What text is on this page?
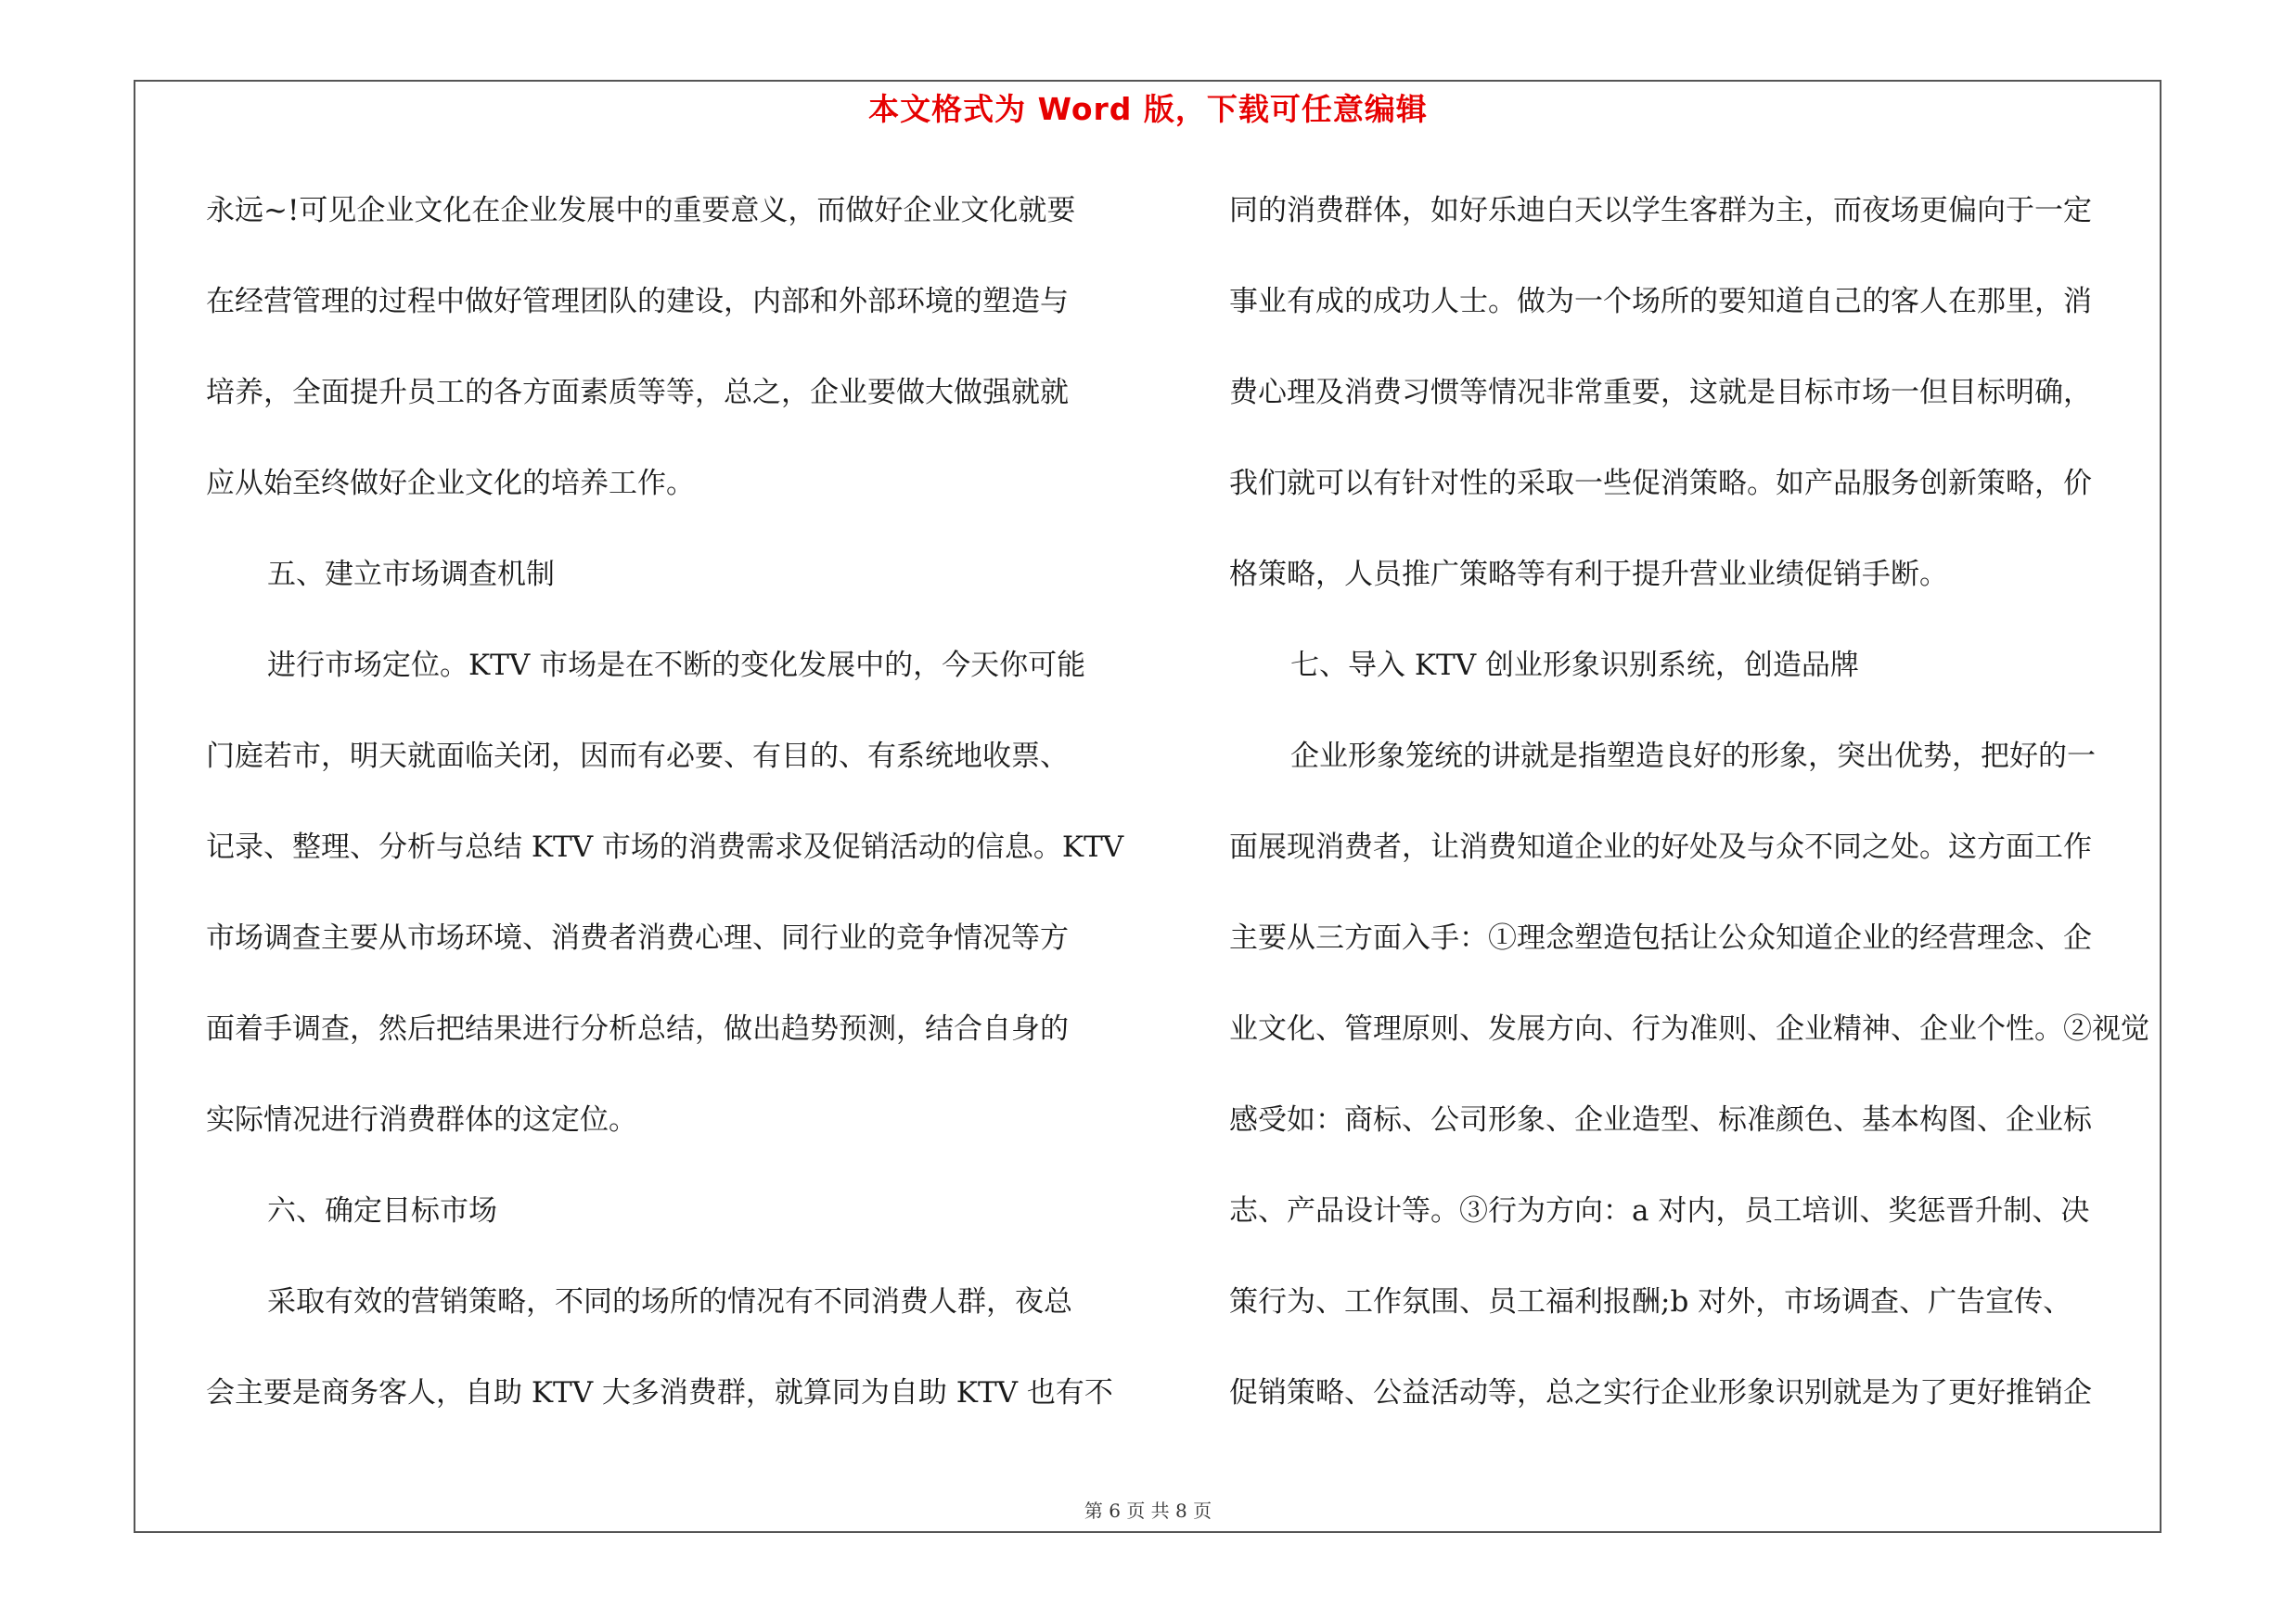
本文格式为 Word 版，下载可任意编辑
永远~!可见企业文化在企业发展中的重要意义，而做好企业文化就要
在经营管理的过程中做好管理团队的建设，内部和外部环境的塑造与
培养，全面提升员工的各方面素质等等，总之，企业要做大做强就就
应从始至终做好企业文化的培养工作。
五、建立市场调查机制
进行市场定位。KTV 市场是在不断的变化发展中的，今天你可能
门庭若市，明天就面临关闭，因而有必要、有目的、有系统地收票、
记录、整理、分析与总结 KTV 市场的消费需求及促销活动的信息。KTV
市场调查主要从市场环境、消费者消费心理、同行业的竞争情况等方
面着手调查，然后把结果进行分析总结，做出趋势预测，结合自身的
实际情况进行消费群体的这定位。
六、确定目标市场
采取有效的营销策略，不同的场所的情况有不同消费人群，夜总
会主要是商务客人，自助 KTV 大多消费群，就算同为自助 KTV 也有不
同的消费群体，如好乐迪白天以学生客群为主，而夜场更偏向于一定
事业有成的成功人士。做为一个场所的要知道自己的客人在那里，消
费心理及消费习惯等情况非常重要，这就是目标市场一但目标明确，
我们就可以有针对性的采取一些促消策略。如产品服务创新策略，价
格策略，人员推广策略等有利于提升营业业绩促销手断。
七、导入 KTV 创业形象识别系统，创造品牌
企业形象笼统的讲就是指塑造良好的形象，突出优势，把好的一
面展现消费者，让消费知道企业的好处及与众不同之处。这方面工作
主要从三方面入手：①理念塑造包括让公众知道企业的经营理念、企
业文化、管理原则、发展方向、行为准则、企业精神、企业个性。②视觉
感受如：商标、公司形象、企业造型、标准颜色、基本构图、企业标
志、产品设计等。③行为方向：a 对内，员工培训、奖惩晋升制、决
策行为、工作氛围、员工福利报酬;b 对外，市场调查、广告宣传、
促销策略、公益活动等，总之实行企业形象识别就是为了更好推销企
第 6 页 共 8 页
